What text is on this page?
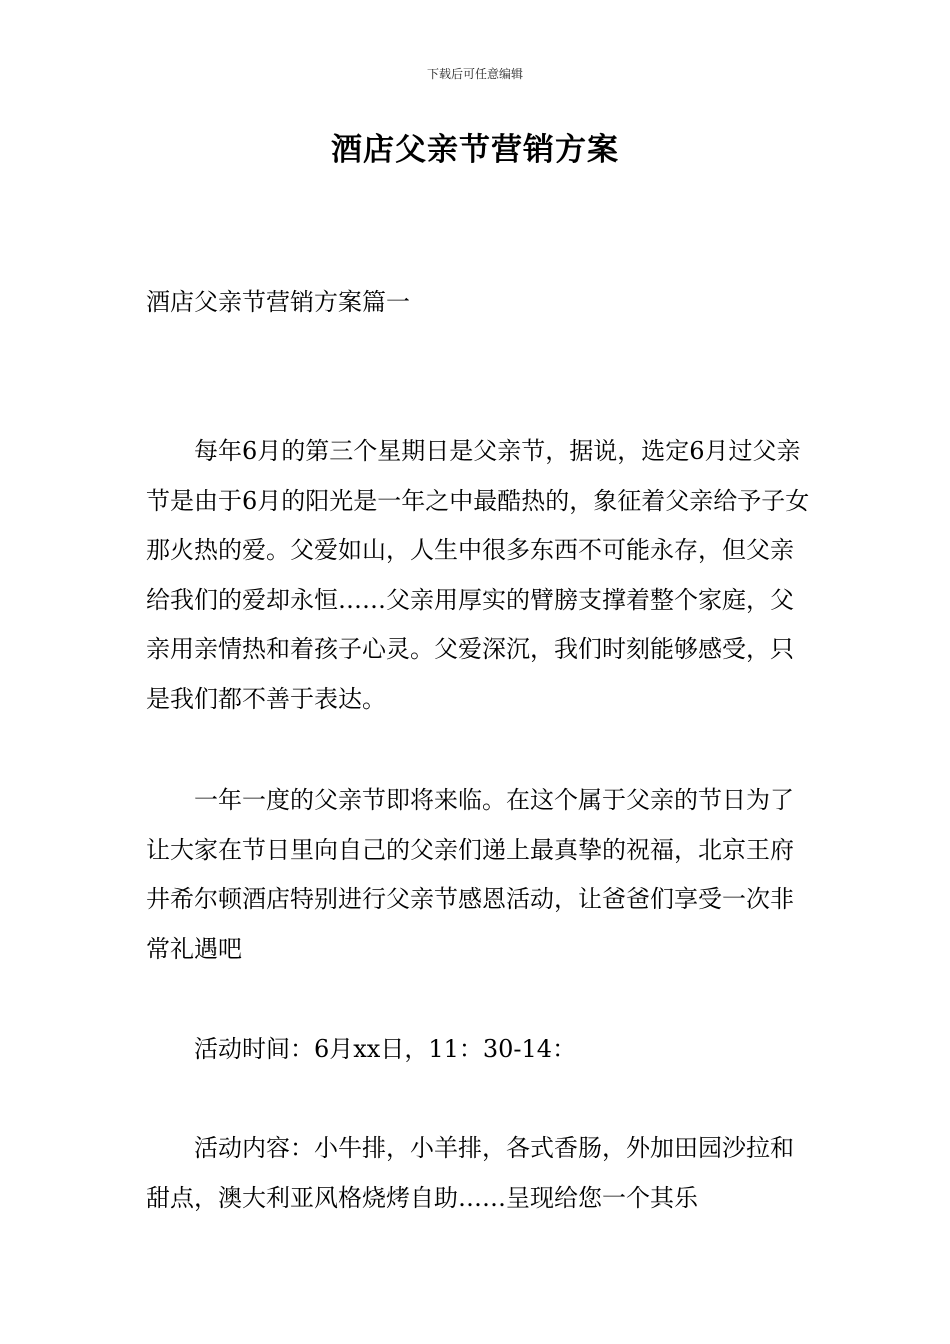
下载后可任意编辑
酒店父亲节营销方案
酒店父亲节营销方案篇一

每年6月的第三个星期日是父亲节，据说，选定6月过父亲节是由于6月的阳光是一年之中最酷热的，象征着父亲给予子女那火热的爱。父爱如山，人生中很多东西不可能永存，但父亲给我们的爱却永恒……父亲用厚实的臂膀支撑着整个家庭，父亲用亲情热和着孩子心灵。父爱深沉，我们时刻能够感受，只是我们都不善于表达。

一年一度的父亲节即将来临。在这个属于父亲的节日为了让大家在节日里向自己的父亲们递上最真挚的祝福，北京王府井希尔顿酒店特别进行父亲节感恩活动，让爸爸们享受一次非常礼遇吧

活动时间：6月xx日，11：30-14：

活动内容：小牛排，小羊排，各式香肠，外加田园沙拉和甜点，澳大利亚风格烧烤自助……呈现给您一个其乐
